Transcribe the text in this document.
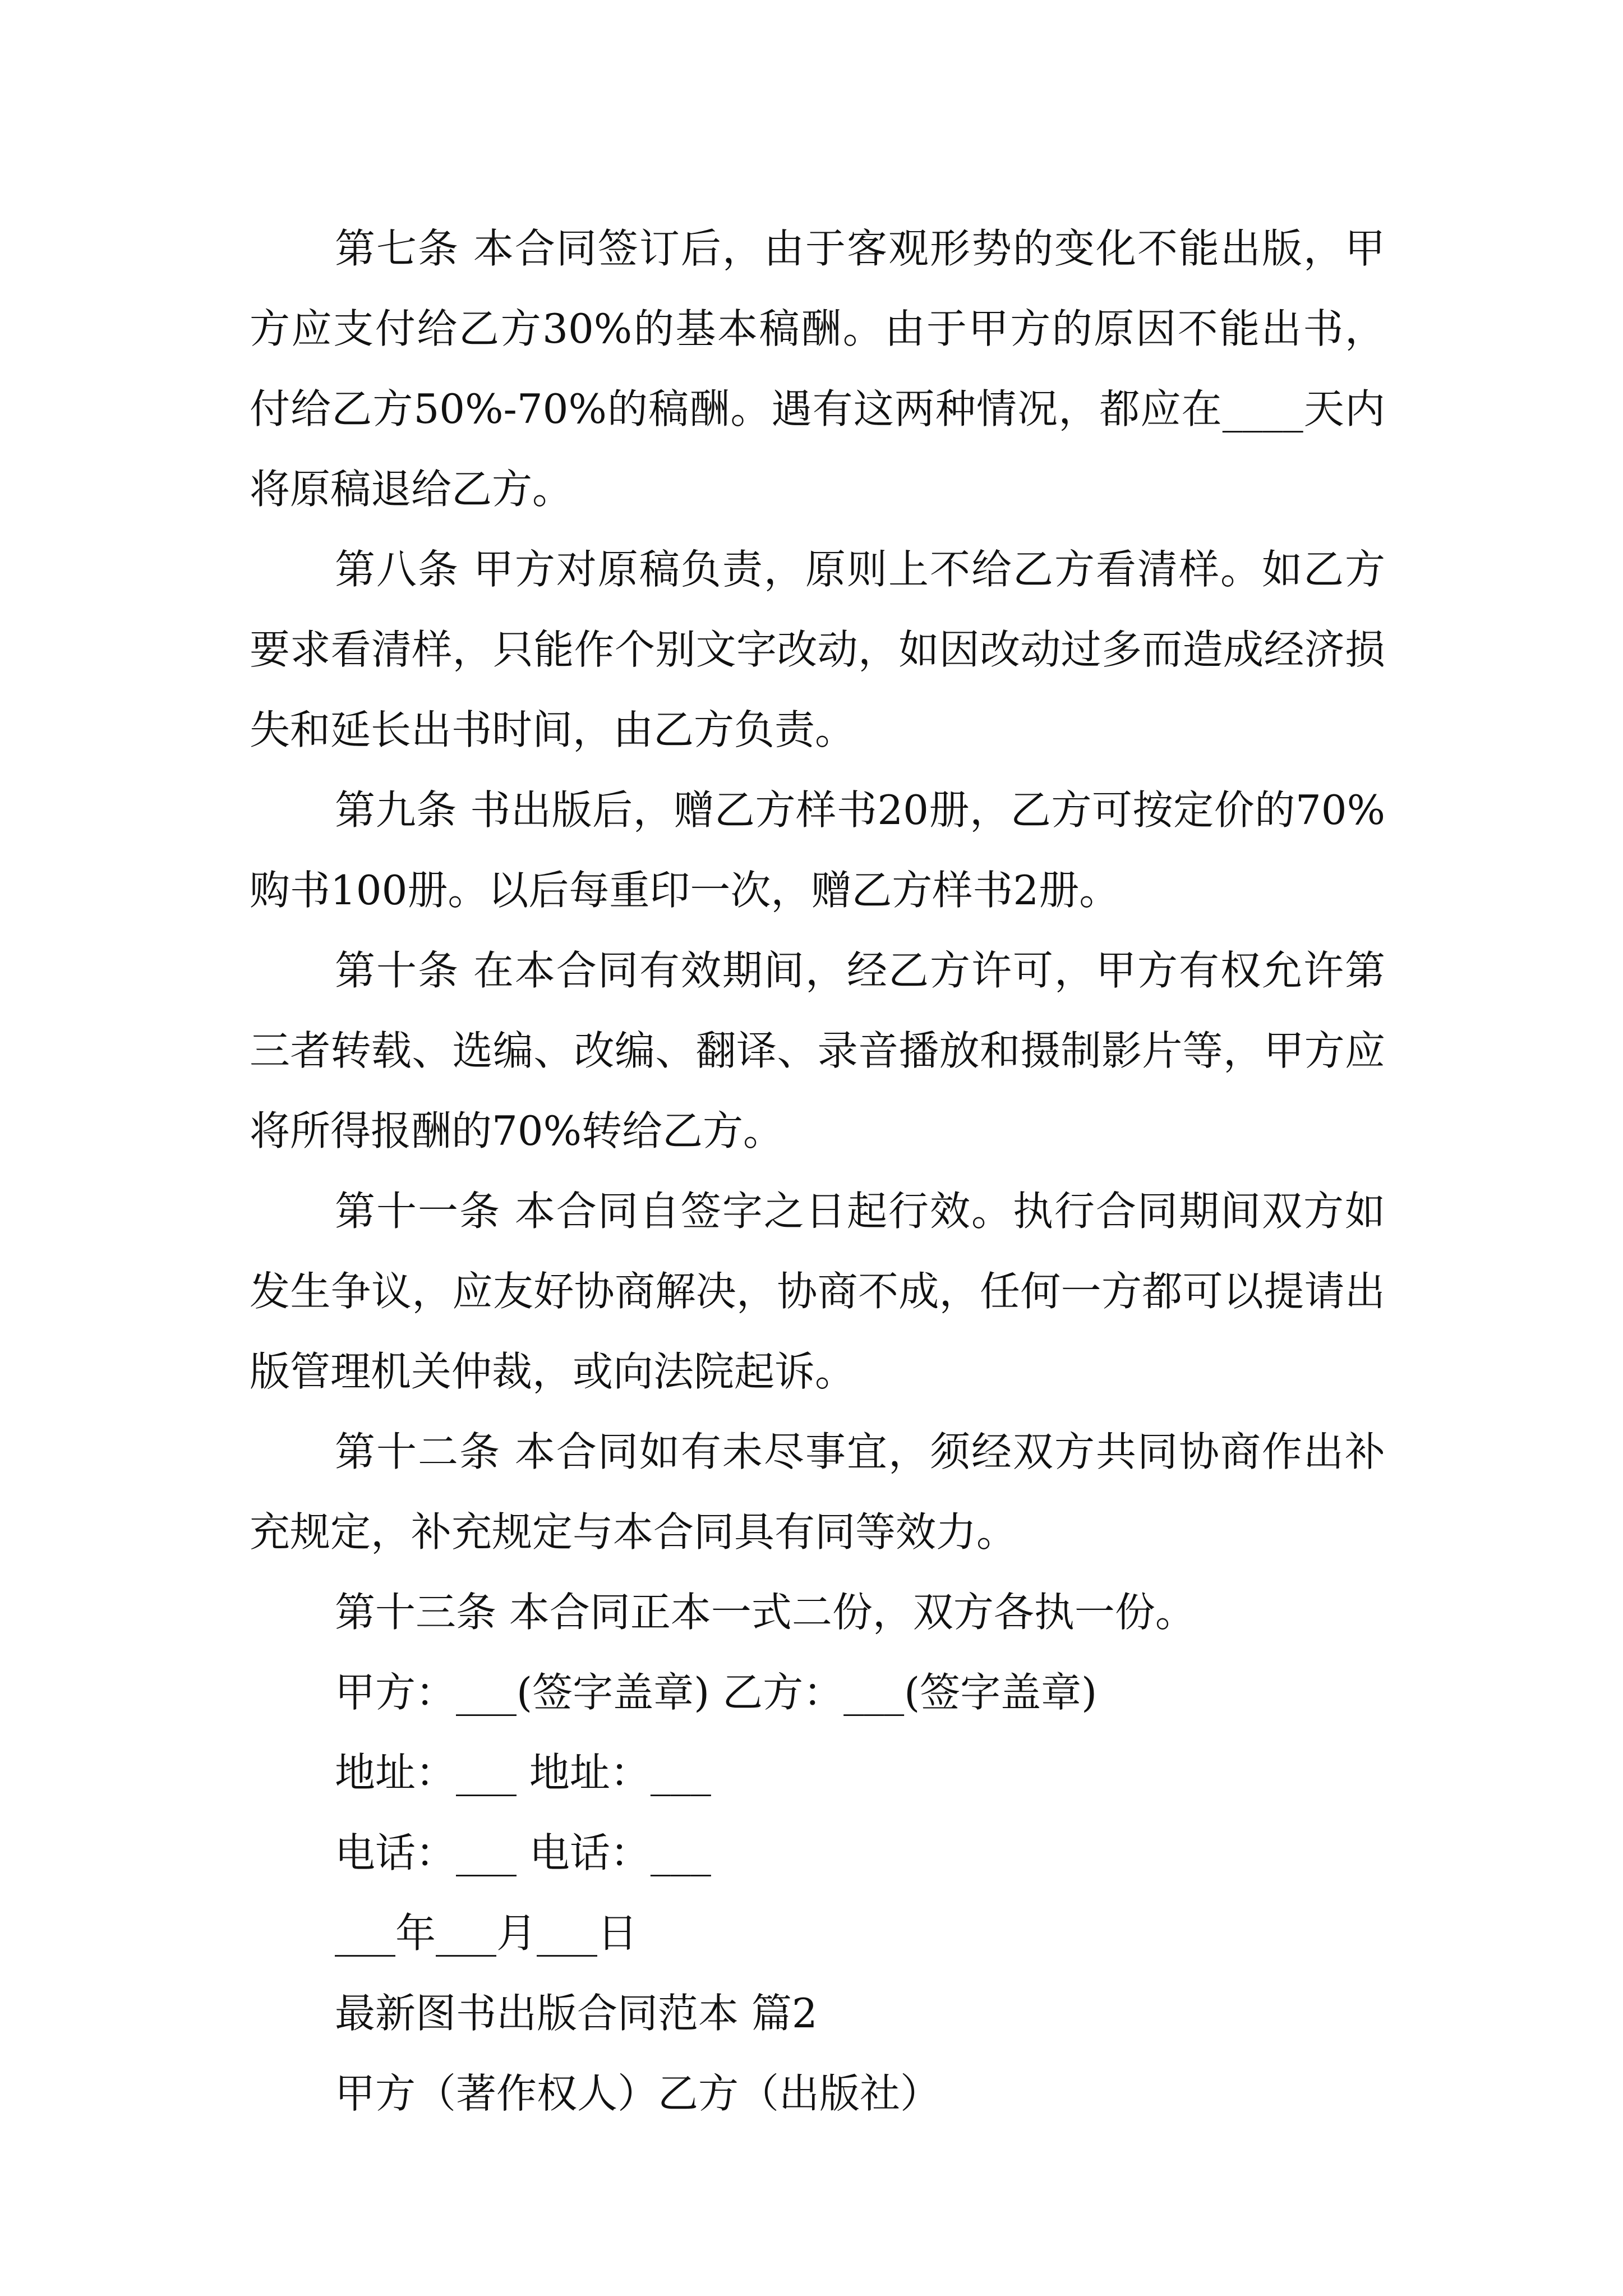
第七条 本合同签订后，由于客观形势的变化不能出版，甲方应支付给乙方30%的基本稿酬。由于甲方的原因不能出书，付给乙方50%-70%的稿酬。遇有这两种情况，都应在____天内将原稿退给乙方。

第八条 甲方对原稿负责，原则上不给乙方看清样。如乙方要求看清样，只能作个别文字改动，如因改动过多而造成经济损失和延长出书时间，由乙方负责。

第九条 书出版后，赠乙方样书20册，乙方可按定价的70%购书100册。以后每重印一次，赠乙方样书2册。

第十条 在本合同有效期间，经乙方许可，甲方有权允许第三者转载、选编、改编、翻译、录音播放和摄制影片等，甲方应将所得报酬的70%转给乙方。

第十一条 本合同自签字之日起行效。执行合同期间双方如发生争议，应友好协商解决，协商不成，任何一方都可以提请出版管理机关仲裁，或向法院起诉。

第十二条 本合同如有未尽事宜，须经双方共同协商作出补充规定，补充规定与本合同具有同等效力。

第十三条 本合同正本一式二份，双方各执一份。

甲方：___(签字盖章) 乙方：___(签字盖章)

地址：___ 地址：___

电话：___ 电话：___

___年___月___日

最新图书出版合同范本 篇2

甲方（著作权人）乙方（出版社）
